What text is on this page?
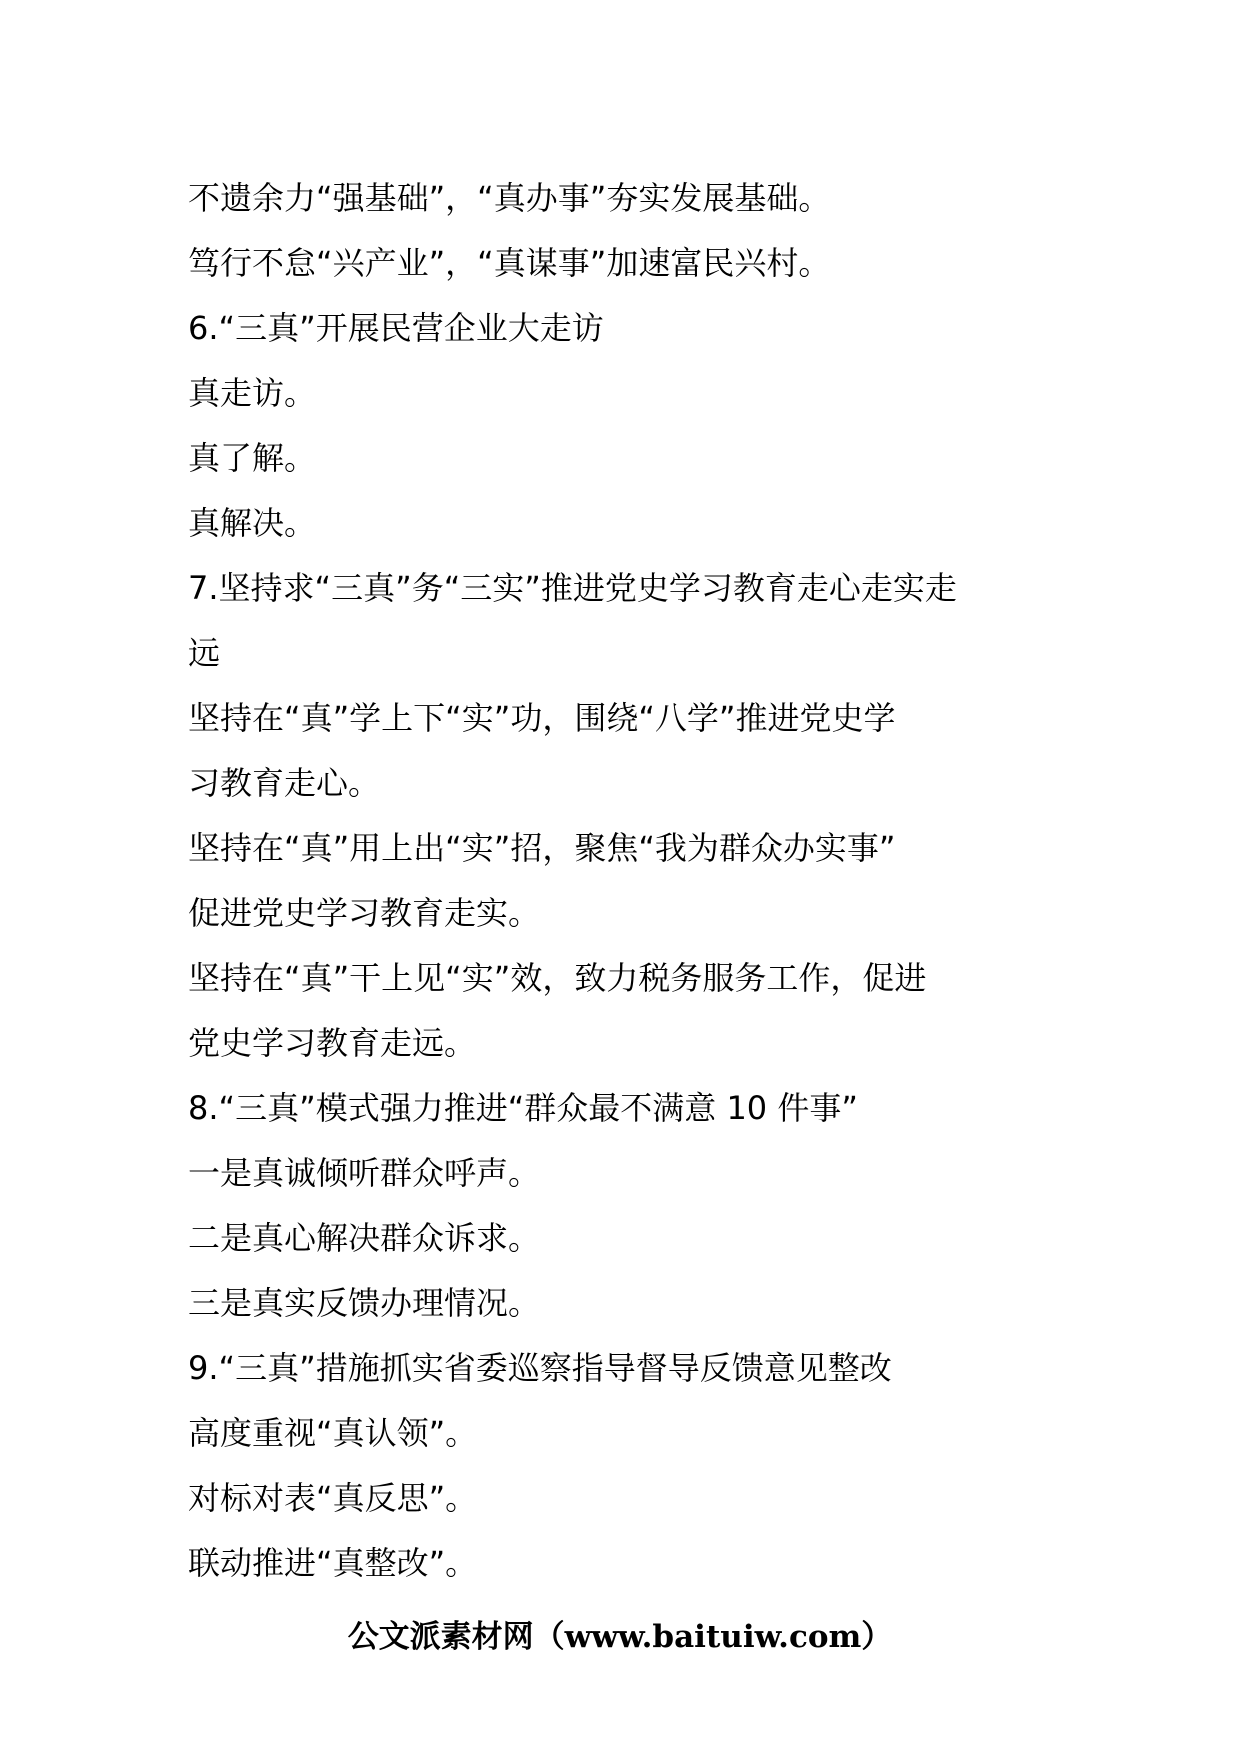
不遗余力“强基础”，“真办事”夯实发展基础。
笃行不怠“兴产业”，“真谋事”加速富民兴村。
6.“三真”开展民营企业大走访
真走访。
真了解。
真解决。
7.坚持求“三真”务“三实”推进党史学习教育走心走实走
远
坚持在“真”学上下“实”功，围绕“八学”推进党史学
习教育走心。
坚持在“真”用上出“实”招，聚焦“我为群众办实事”
促进党史学习教育走实。
坚持在“真”干上见“实”效，致力税务服务工作，促进
党史学习教育走远。
8.“三真”模式强力推进“群众最不满意 10 件事”
一是真诚倾听群众呼声。
二是真心解决群众诉求。
三是真实反馈办理情况。
9.“三真”措施抓实省委巡察指导督导反馈意见整改
高度重视“真认领”。
对标对表“真反思”。
联动推进“真整改”。
公文派素材网（www.baituiw.com）
